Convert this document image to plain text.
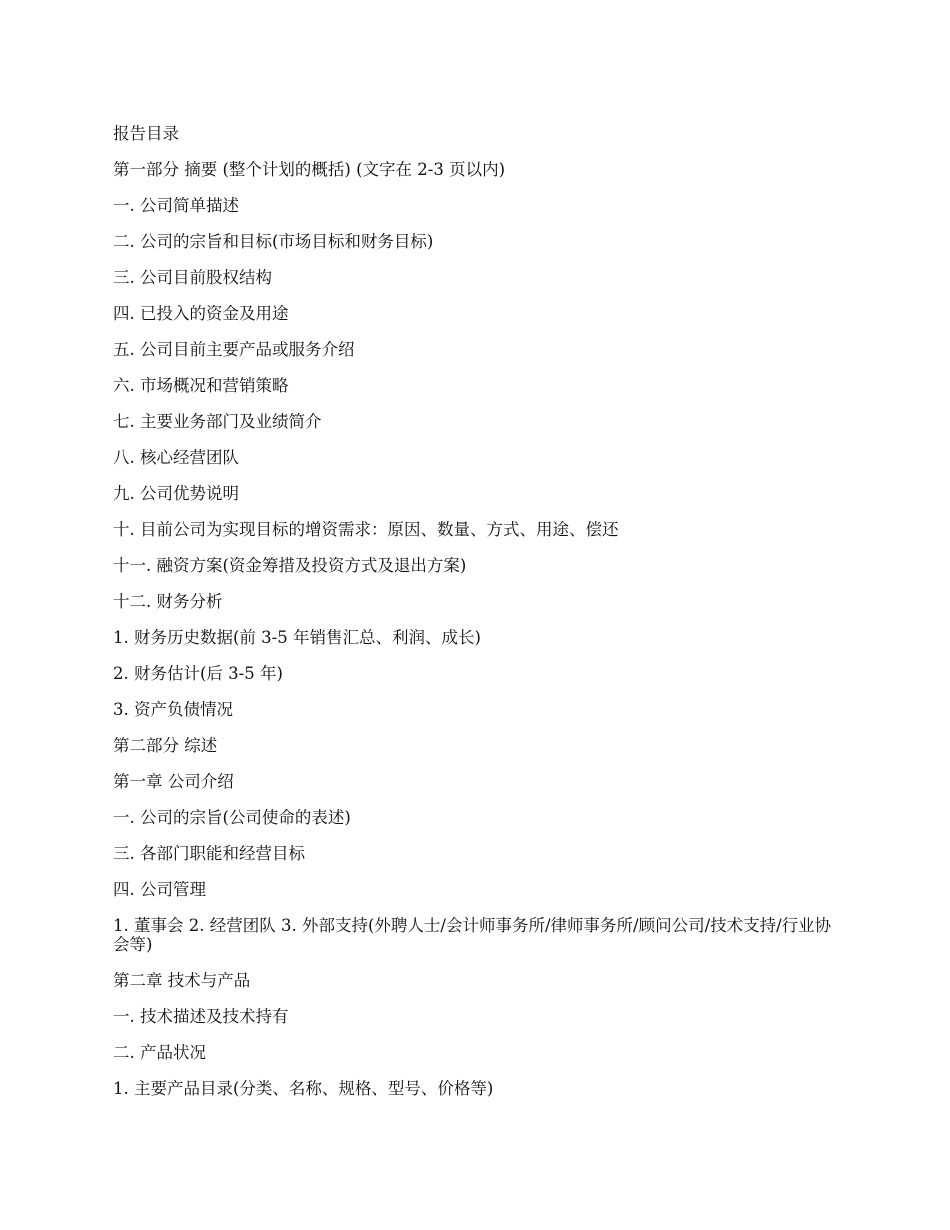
报告目录

第一部分 摘要 (整个计划的概括) (文字在 2-3 页以内)

一. 公司简单描述

二. 公司的宗旨和目标(市场目标和财务目标)

三. 公司目前股权结构

四. 已投入的资金及用途

五. 公司目前主要产品或服务介绍

六. 市场概况和营销策略

七. 主要业务部门及业绩简介

八. 核心经营团队

九. 公司优势说明

十. 目前公司为实现目标的增资需求：原因、数量、方式、用途、偿还

十一. 融资方案(资金筹措及投资方式及退出方案)

十二. 财务分析

1. 财务历史数据(前 3-5 年销售汇总、利润、成长)

2. 财务估计(后 3-5 年)

3. 资产负债情况

第二部分 综述

第一章 公司介绍

一. 公司的宗旨(公司使命的表述)

三. 各部门职能和经营目标

四. 公司管理

1. 董事会 2. 经营团队 3. 外部支持(外聘人士/会计师事务所/律师事务所/顾问公司/技术支持/行业协会等)

第二章 技术与产品

一. 技术描述及技术持有

二. 产品状况

1. 主要产品目录(分类、名称、规格、型号、价格等)
